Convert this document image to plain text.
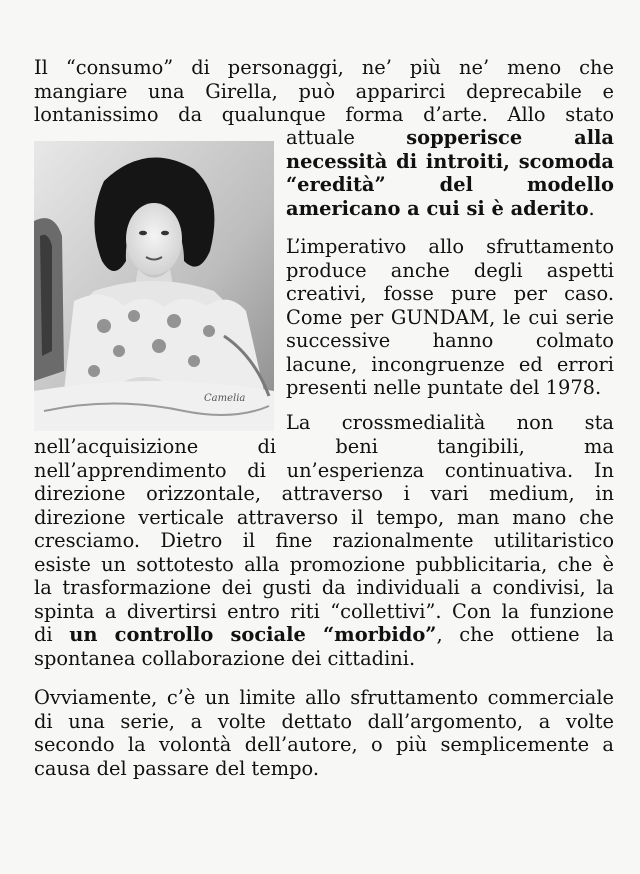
Il “consumo” di personaggi, ne’ più ne’ meno che
mangiare una Girella, può apparirci deprecabile e
lontanissimo da qualunque forma d’arte. Allo stato

attuale	sopperisce alla
necessità di introiti, scomoda
“eredità” del modello
americano a cui si è aderito.

Camelia

L’imperativo allo sfruttamento
produce anche degli aspetti
creativi, fosse pure per caso.
Come per GUNDAM, le cui serie
successive hanno colmato
lacune, incongruenze ed errori
presenti nelle puntate del 1978.

La crossmedialità non sta

nell’acquisizione di beni tangibili, ma
nell’apprendimento di un’esperienza continuativa. In
direzione orizzontale, attraverso i vari medium, in
direzione verticale attraverso il tempo, man mano che
cresciamo. Dietro il fine razionalmente utilitaristico
esiste un sottotesto alla promozione pubblicitaria, che è
la trasformazione dei gusti da individuali a condivisi, la
spinta a divertirsi entro riti “collettivi”. Con la funzione
di un controllo sociale “morbido”, che ottiene la
spontanea collaborazione dei cittadini.

Ovviamente, c’è un limite allo sfruttamento commerciale
di una serie, a volte dettato dall’argomento, a volte
secondo la volontà dell’autore, o più semplicemente a
causa del passare del tempo.
